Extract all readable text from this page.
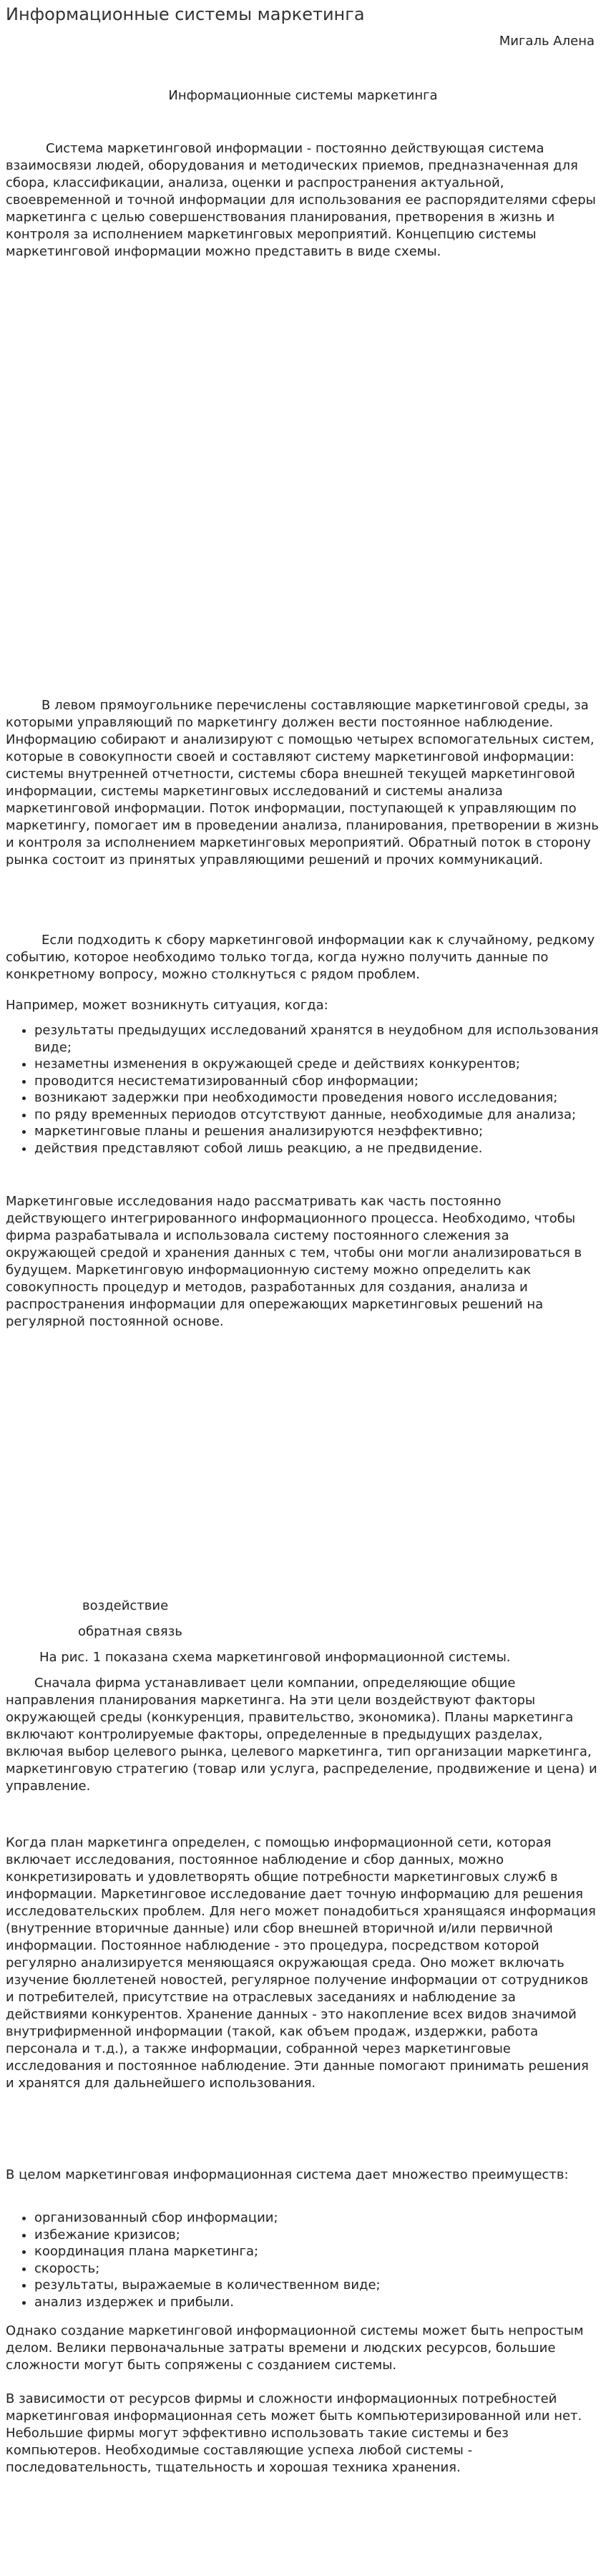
Информационные системы маркетинга
Мигаль Алена
Информационные системы маркетинга

Система маркетинговой информации - постоянно действующая система взаимосвязи людей, оборудования и методических приемов, предназначенная для сбора, классификации, анализа, оценки и распространения актуальной, своевременной и точной информации для использования ее распорядителями сферы маркетинга с целью совершенствования планирования, претворения в жизнь и контроля за исполнением маркетинговых мероприятий. Концепцию системы маркетинговой информации можно представить в виде схемы.

В левом прямоугольнике перечислены составляющие маркетинговой среды, за которыми управляющий по маркетингу должен вести постоянное наблюдение. Информацию собирают и анализируют с помощью четырех вспомогательных систем, которые в совокупности своей и составляют систему маркетинговой информации: системы внутренней отчетности, системы сбора внешней текущей маркетинговой информации, системы маркетинговых исследований и системы анализа маркетинговой информации. Поток информации, поступающей к управляющим по маркетингу, помогает им в проведении анализа, планирования, претворении в жизнь и контроля за исполнением маркетинговых мероприятий. Обратный поток в сторону рынка состоит из принятых управляющими решений и прочих коммуникаций.

Если подходить к сбору маркетинговой информации как к случайному, редкому событию, которое необходимо только тогда, когда нужно получить данные по конкретному вопросу, можно столкнуться с рядом проблем.

Например, может возникнуть ситуация, когда:

• результаты предыдущих исследований хранятся в неудобном для использования виде;
• незаметны изменения в окружающей среде и действиях конкурентов;
• проводится несистематизированный сбор информации;
• возникают задержки при необходимости проведения нового исследования;
• по ряду временных периодов отсутствуют данные, необходимые для анализа;
• маркетинговые планы и решения анализируются неэффективно;
• действия представляют собой лишь реакцию, а не предвидение.

Маркетинговые исследования надо рассматривать как часть постоянно действующего интегрированного информационного процесса. Необходимо, чтобы фирма разрабатывала и использовала систему постоянного слежения за окружающей средой и хранения данных с тем, чтобы они могли анализироваться в будущем. Маркетинговую информационную систему можно определить как совокупность процедур и методов, разработанных для создания, анализа и распространения информации для опережающих маркетинговых решений на регулярной постоянной основе.

воздействие
обратная связь
На рис. 1 показана схема маркетинговой информационной системы.

Сначала фирма устанавливает цели компании, определяющие общие направления планирования маркетинга. На эти цели воздействуют факторы окружающей среды (конкуренция, правительство, экономика). Планы маркетинга включают контролируемые факторы, определенные в предыдущих разделах, включая выбор целевого рынка, целевого маркетинга, тип организации маркетинга, маркетинговую стратегию (товар или услуга, распределение, продвижение и цена) и управление.

Когда план маркетинга определен, с помощью информационной сети, которая включает исследования, постоянное наблюдение и сбор данных, можно конкретизировать и удовлетворять общие потребности маркетинговых служб в информации. Маркетинговое исследование дает точную информацию для решения исследовательских проблем. Для него может понадобиться хранящаяся информация (внутренние вторичные данные) или сбор внешней вторичной и/или первичной информации. Постоянное наблюдение - это процедура, посредством которой регулярно анализируется меняющаяся окружающая среда. Оно может включать изучение бюллетеней новостей, регулярное получение информации от сотрудников и потребителей, присутствие на отраслевых заседаниях и наблюдение за действиями конкурентов. Хранение данных - это накопление всех видов значимой внутрифирменной информации (такой, как объем продаж, издержки, работа персонала и т.д.), а также информации, собранной через маркетинговые исследования и постоянное наблюдение. Эти данные помогают принимать решения и хранятся для дальнейшего использования.

В целом маркетинговая информационная система дает множество преимуществ:

• организованный сбор информации;
• избежание кризисов;
• координация плана маркетинга;
• скорость;
• результаты, выражаемые в количественном виде;
• анализ издержек и прибыли.

Однако создание маркетинговой информационной системы может быть непростым делом. Велики первоначальные затраты времени и людских ресурсов, большие сложности могут быть сопряжены с созданием системы.

В зависимости от ресурсов фирмы и сложности информационных потребностей маркетинговая информационная сеть может быть компьютеризированной или нет. Небольшие фирмы могут эффективно использовать такие системы и без компьютеров. Необходимые составляющие успеха любой системы - последовательность, тщательность и хорошая техника хранения.
